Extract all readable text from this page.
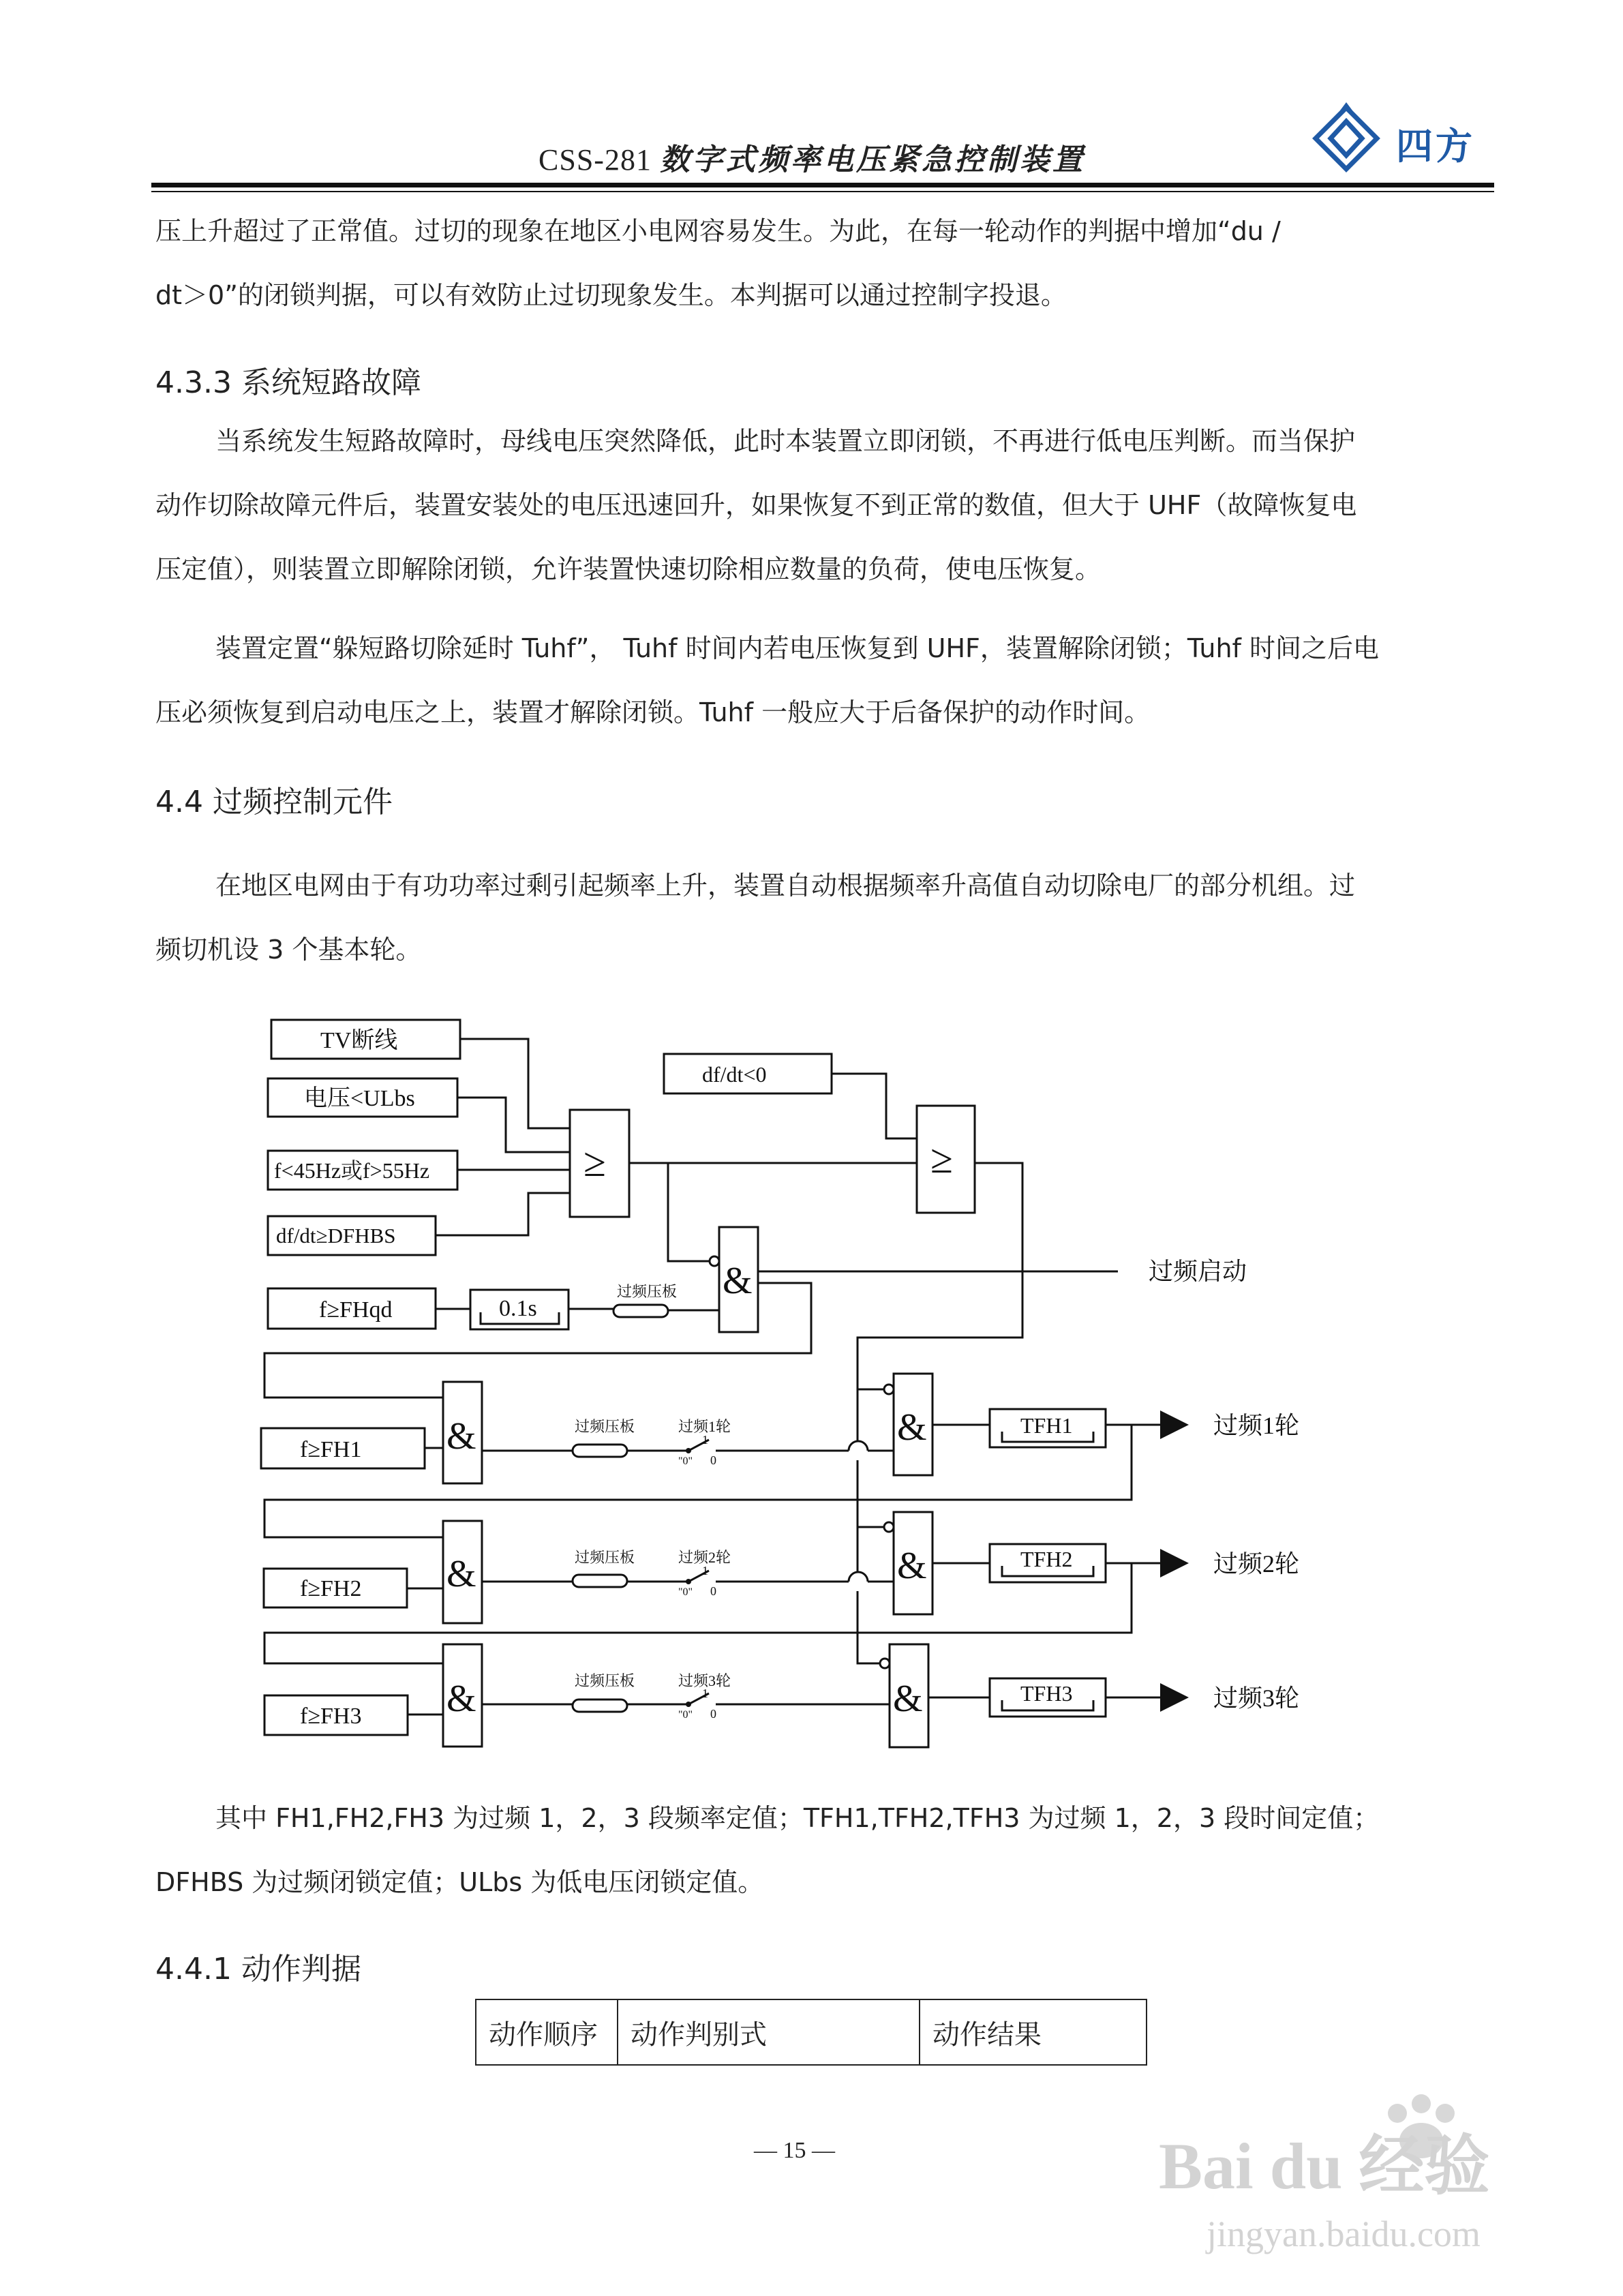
CSS-281 数字式频率电压紧急控制装置	四方
压上升超过了正常值。过切的现象在地区小电网容易发生。为此，在每一轮动作的判据中增加“du /
dt＞0”的闭锁判据，可以有效防止过切现象发生。本判据可以通过控制字投退。
4.3.3 系统短路故障
当系统发生短路故障时，母线电压突然降低，此时本装置立即闭锁，不再进行低电压判断。而当保护
动作切除故障元件后，装置安装处的电压迅速回升，如果恢复不到正常的数值，但大于 UHF（故障恢复电
压定值），则装置立即解除闭锁，允许装置快速切除相应数量的负荷，使电压恢复。
装置定置“躲短路切除延时 Tuhf”， Tuhf 时间内若电压恢复到 UHF，装置解除闭锁；Tuhf 时间之后电
压必须恢复到启动电压之上，装置才解除闭锁。Tuhf 一般应大于后备保护的动作时间。
4.4 过频控制元件
在地区电网由于有功功率过剩引起频率上升，装置自动根据频率升高值自动切除电厂的部分机组。过
频切机设 3 个基本轮。
TV断线
电压<ULbs
f<45Hz或f>55Hz
df/dt≥DFHBS
f≥FHqd
df/dt<0
f≥FH1
f≥FH2
f≥FH3
≥	≥
&
&
&
&
&
&
&
0.1s
过频压板
过频压板
过频压板
过频压板
过频1轮
过频2轮
过频3轮
1
0
"0"
1
0
"0"
1
0
"0"
TFH1
TFH2
TFH3
过频启动
过频1轮
过频2轮
过频3轮
其中 FH1,FH2,FH3 为过频 1，2，3 段频率定值；TFH1,TFH2,TFH3 为过频 1，2，3 段时间定值；
DFHBS 为过频闭锁定值；ULbs 为低电压闭锁定值。
4.4.1 动作判据
动作顺序	动作判别式	动作结果
— 15 —	Bai du 经验
jingyan.baidu.com
